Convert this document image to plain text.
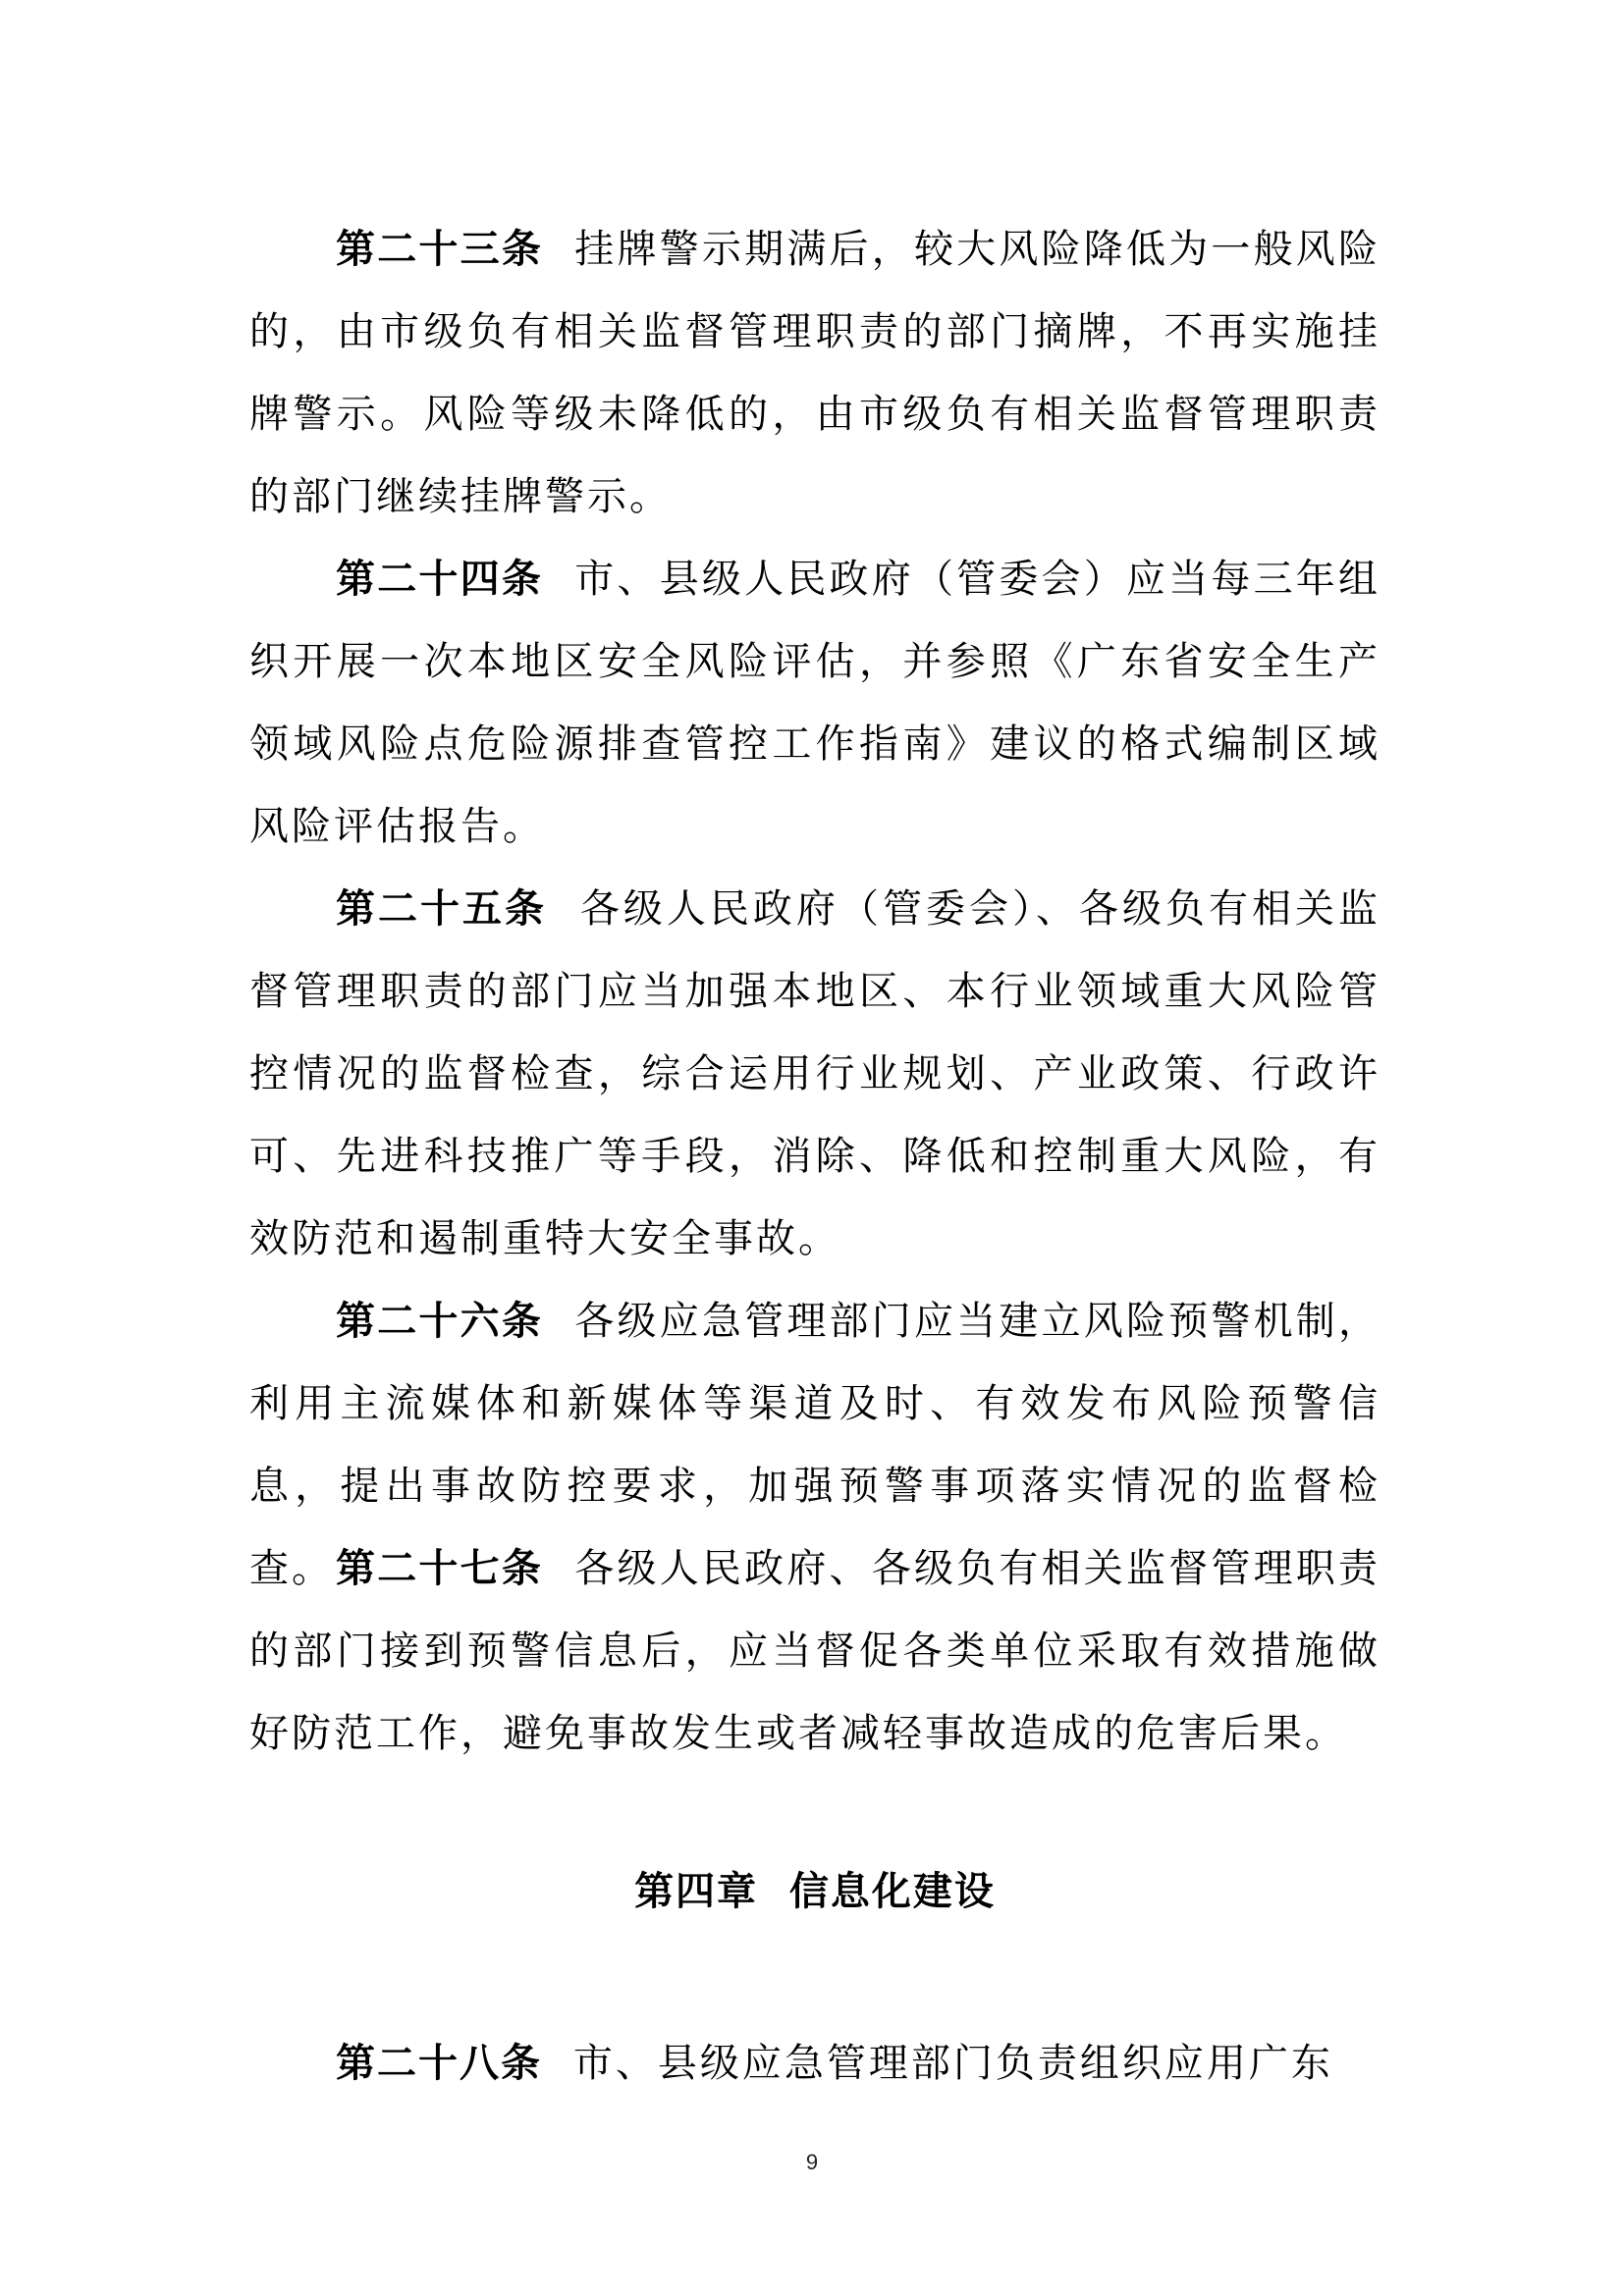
第二十三条 挂牌警示期满后，较大风险降低为一般风险的，由市级负有相关监督管理职责的部门摘牌，不再实施挂牌警示。风险等级未降低的，由市级负有相关监督管理职责的部门继续挂牌警示。

第二十四条 市、县级人民政府（管委会）应当每三年组织开展一次本地区安全风险评估，并参照《广东省安全生产领域风险点危险源排查管控工作指南》建议的格式编制区域风险评估报告。

第二十五条 各级人民政府（管委会）、各级负有相关监督管理职责的部门应当加强本地区、本行业领域重大风险管控情况的监督检查，综合运用行业规划、产业政策、行政许可、先进科技推广等手段，消除、降低和控制重大风险，有效防范和遏制重特大安全事故。

第二十六条 各级应急管理部门应当建立风险预警机制，利用主流媒体和新媒体等渠道及时、有效发布风险预警信息，提出事故防控要求，加强预警事项落实情况的监督检查。 第二十七条 各级人民政府、各级负有相关监督管理职责的部门接到预警信息后，应当督促各类单位采取有效措施做好防范工作，避免事故发生或者减轻事故造成的危害后果。

第四章 信息化建设

第二十八条 市、县级应急管理部门负责组织应用广东

9
